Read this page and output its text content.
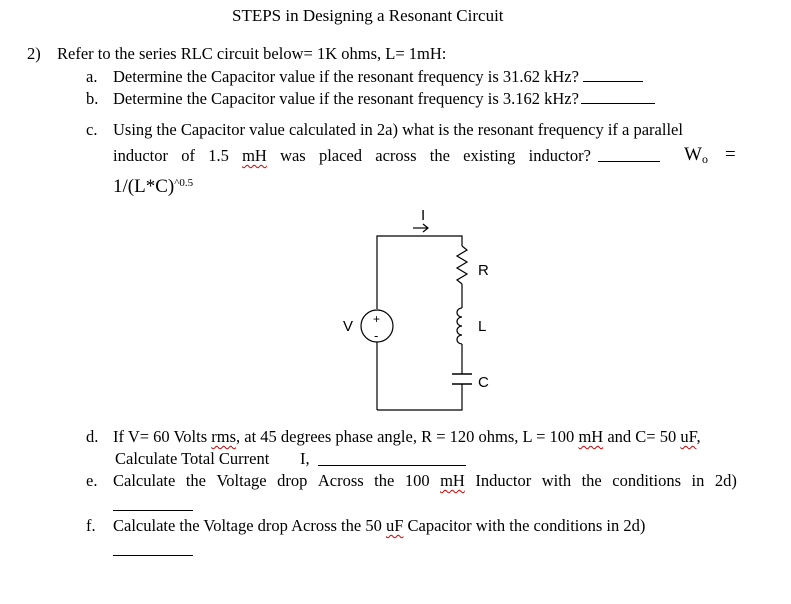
STEPS in Designing a Resonant Circuit
2) Refer to the series RLC circuit below= 1K ohms, L= 1mH:
a. Determine the Capacitor value if the resonant frequency is 31.62 kHz?
b. Determine the Capacitor value if the resonant frequency is 3.162 kHz?
c. Using the Capacitor value calculated in 2a) what is the resonant frequency if a parallel
inductor of 1.5 mH was placed across the existing inductor?	Wo =
$1/(L*C)^{\^{}0.5}$
I
R
L
C
+
-
V
d. If V= 60 Volts rms, at 45 degrees phase angle, R = 120 ohms, L = 100 mH and C= 50 uF,
Calculate Total Current I,
e. Calculate the Voltage drop Across the 100 mH Inductor with the conditions in 2d)
f. Calculate the Voltage drop Across the 50 uF Capacitor with the conditions in 2d)
